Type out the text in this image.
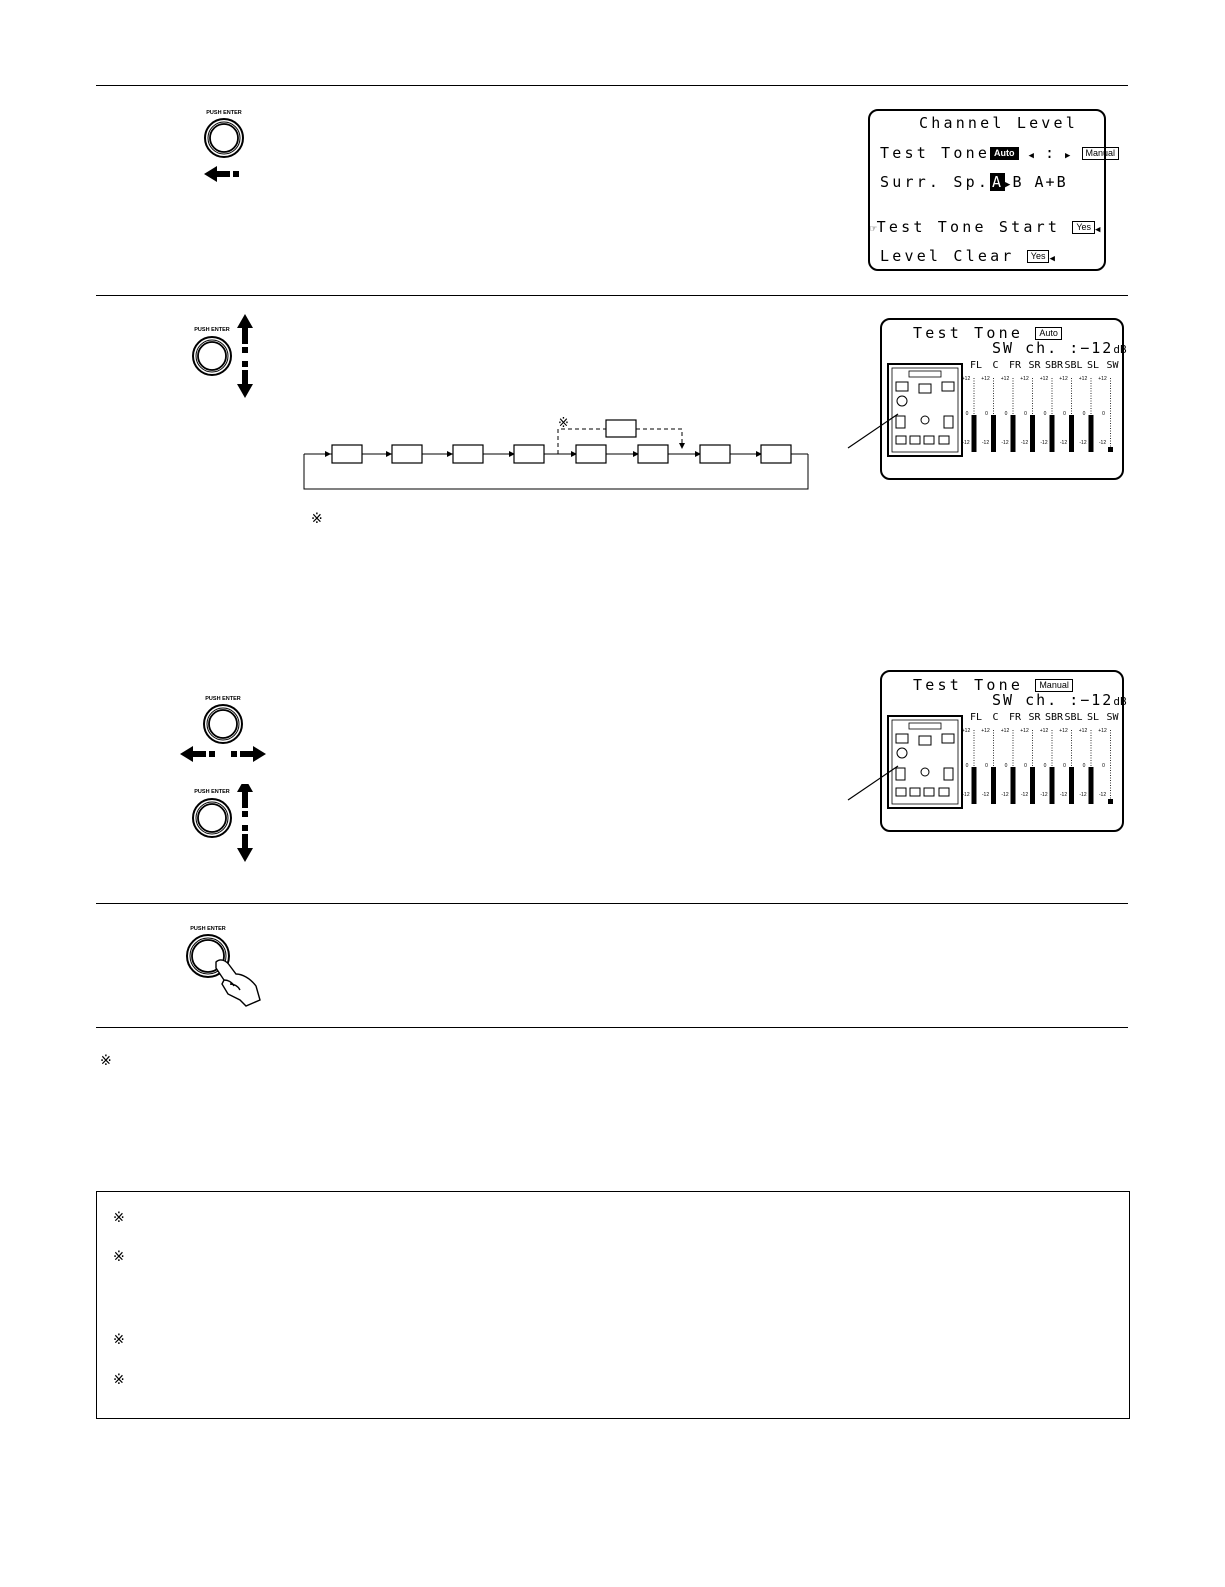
PUSH ENTER
Channel Level
Test Tone Auto ◀ : ▶ Manual
Surr. Sp. A ▶B A+B
☞Test Tone Start Yes ◀
Level Clear Yes ◀
PUSH ENTER
※
※
Test Tone Auto
SW ch. :−12dB
FL
+12
0
-12
C
+12
0
-12
FR
+12
0
-12
SR
+12
0
-12
SBR
+12
0
-12
SBL
+12
0
-12
SL
+12
0
-12
SW
+12
0
-12
PUSH ENTER
PUSH ENTER
Test Tone Manual
SW ch. :−12dB
FL
+12
0
-12
C
+12
0
-12
FR
+12
0
-12
SR
+12
0
-12
SBR
+12
0
-12
SBL
+12
0
-12
SL
+12
0
-12
SW
+12
0
-12
PUSH ENTER
※
※
※
※
※
